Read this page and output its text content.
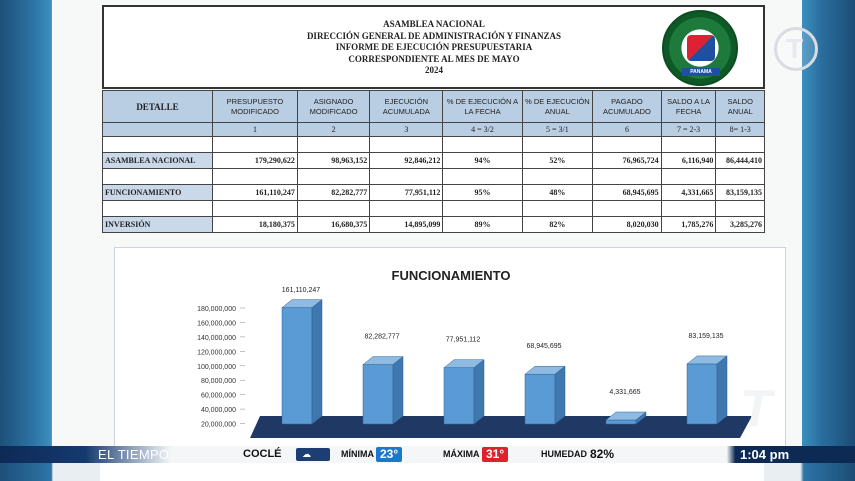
ASAMBLEA NACIONAL
DIRECCIÓN GENERAL DE ADMINISTRACIÓN Y FINANZAS
INFORME DE EJECUCIÓN PRESUPUESTARIA
CORRESPONDIENTE AL MES DE MAYO
2024	PANAMA
DETALLE	PRESUPUESTO MODIFICADO	ASIGNADO MODIFICADO	EJECUCIÓN ACUMULADA	% DE EJECUCIÓN A LA FECHA	% DE EJECUCIÓN ANUAL	PAGADO ACUMULADO	SALDO A LA FECHA	SALDO ANUAL
	1	2	3	4 = 3/2	5 = 3/1	6	7 = 2-3	8= 1-3

ASAMBLEA NACIONAL	179,290,622	98,963,152	92,846,212	94%	52%	76,965,724	6,116,940	86,444,410

FUNCIONAMIENTO	161,110,247	82,282,777	77,951,112	95%	48%	68,945,695	4,331,665	83,159,135

INVERSIÓN	18,180,375	16,680,375	14,895,099	89%	82%	8,020,030	1,785,276	3,285,276
FUNCIONAMIENTO
20,000,000
40,000,000
60,000,000
80,000,000
100,000,000
120,000,000
140,000,000
160,000,000
180,000,000
161,110,247
82,282,777	77,951,112
68,945,695
4,331,665
83,159,135
T
T
EL TIEMPO	COCLÉ ☁	MÍNIMA 23°	MÁXIMA 31°	HUMEDAD 82%	1:04 pm
